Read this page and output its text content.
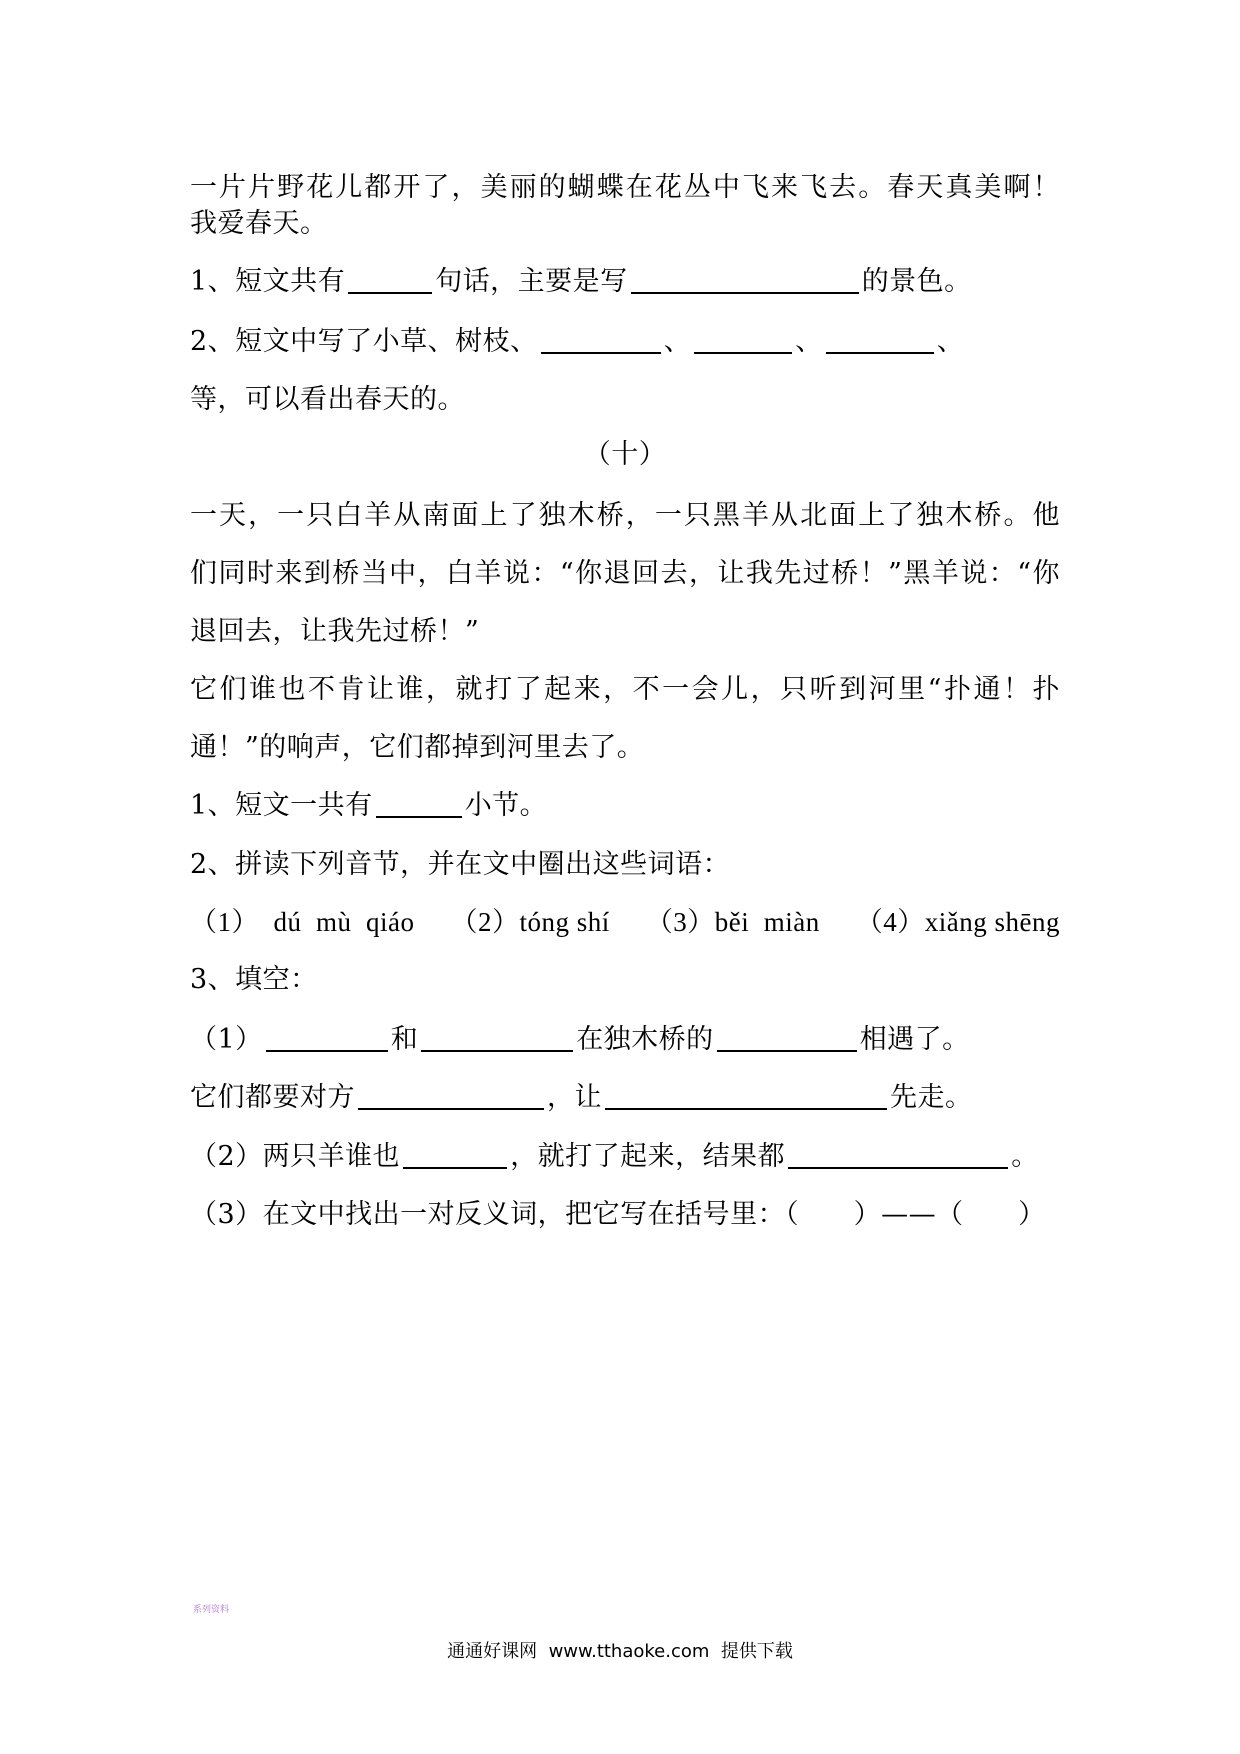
一片片野花儿都开了，美丽的蝴蝶在花丛中飞来飞去。春天真美啊！
我爱春天。
1、短文共有	句话，主要是写	的景色。
2、短文中写了小草、树枝、	、	、	、
等，可以看出春天的。
（十）
一天，一只白羊从南面上了独木桥，一只黑羊从北面上了独木桥。他
们同时来到桥当中，白羊说：“你退回去，让我先过桥！”黑羊说：“你
退回去，让我先过桥！”
它们谁也不肯让谁，就打了起来，不一会儿，只听到河里“扑通！扑
通！”的响声，它们都掉到河里去了。
1、短文一共有	小节。
2、拼读下列音节，并在文中圈出这些词语：
（1）  dú  mù  qiáo （2）tóng shí （3）běi  miàn （4）xiǎng shēng
3、填空：
（1）	和	在独木桥的	相遇了。
它们都要对方	，让	先走。
（2）两只羊谁也	，就打了起来，结果都	。
（3）在文中找出一对反义词，把它写在括号里：（      ）——（      ）
系列资料
通通好课网  www.tthaoke.com  提供下载
